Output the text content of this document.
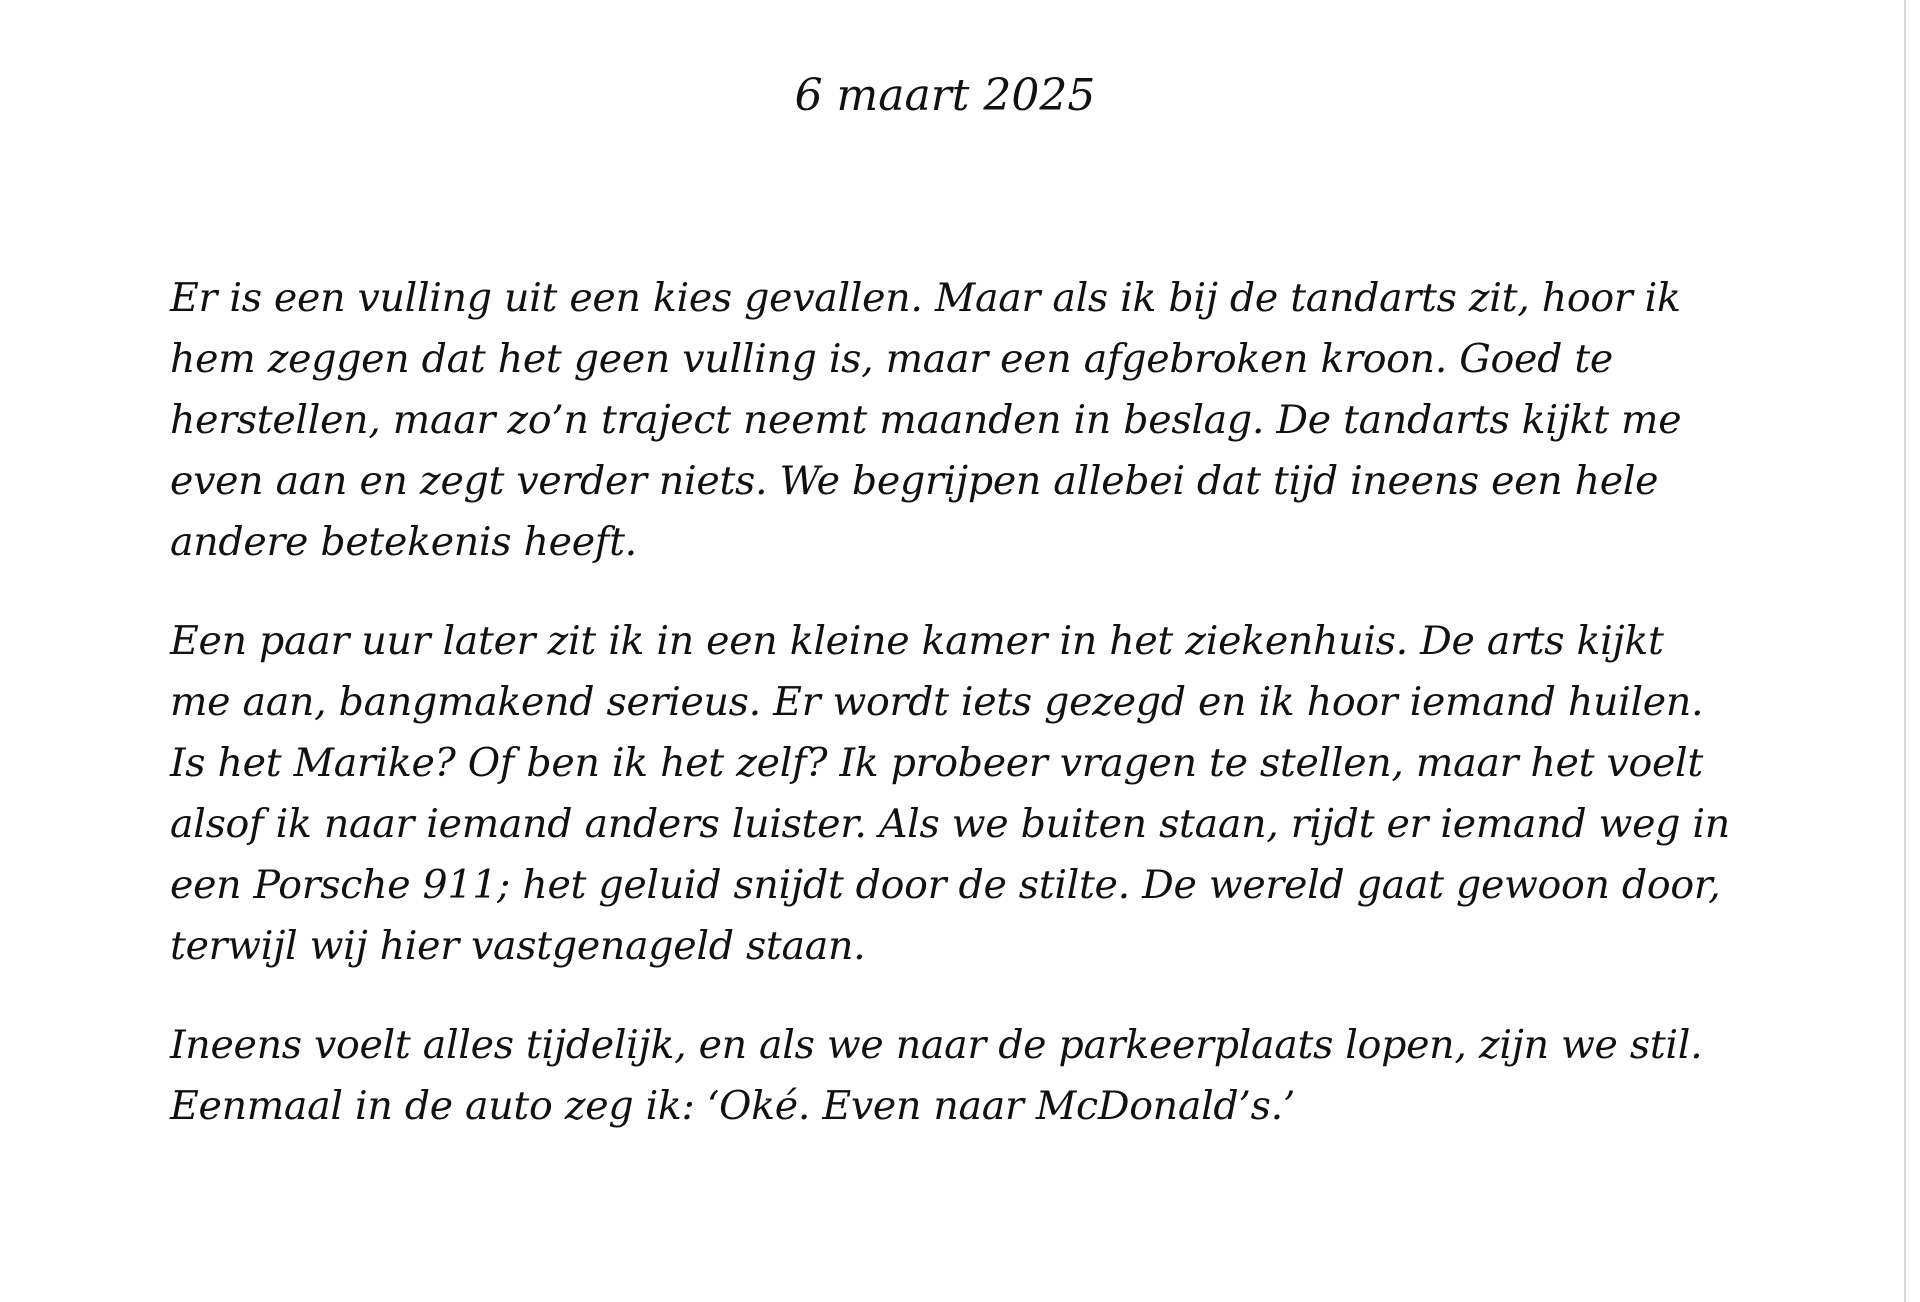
6 maart 2025

Er is een vulling uit een kies gevallen. Maar als ik bij de tandarts zit, hoor ik hem zeggen dat het geen vulling is, maar een afgebroken kroon. Goed te herstellen, maar zo’n traject neemt maanden in beslag. De tandarts kijkt me even aan en zegt verder niets. We begrijpen allebei dat tijd ineens een hele andere betekenis heeft.

Een paar uur later zit ik in een kleine kamer in het ziekenhuis. De arts kijkt me aan, bangmakend serieus. Er wordt iets gezegd en ik hoor iemand huilen. Is het Marike? Of ben ik het zelf? Ik probeer vragen te stellen, maar het voelt alsof ik naar iemand anders luister. Als we buiten staan, rijdt er iemand weg in een Porsche 911; het geluid snijdt door de stilte. De wereld gaat gewoon door, terwijl wij hier vastgenageld staan.

Ineens voelt alles tijdelijk, en als we naar de parkeerplaats lopen, zijn we stil. Eenmaal in de auto zeg ik: ‘Oké. Even naar McDonald’s.’
